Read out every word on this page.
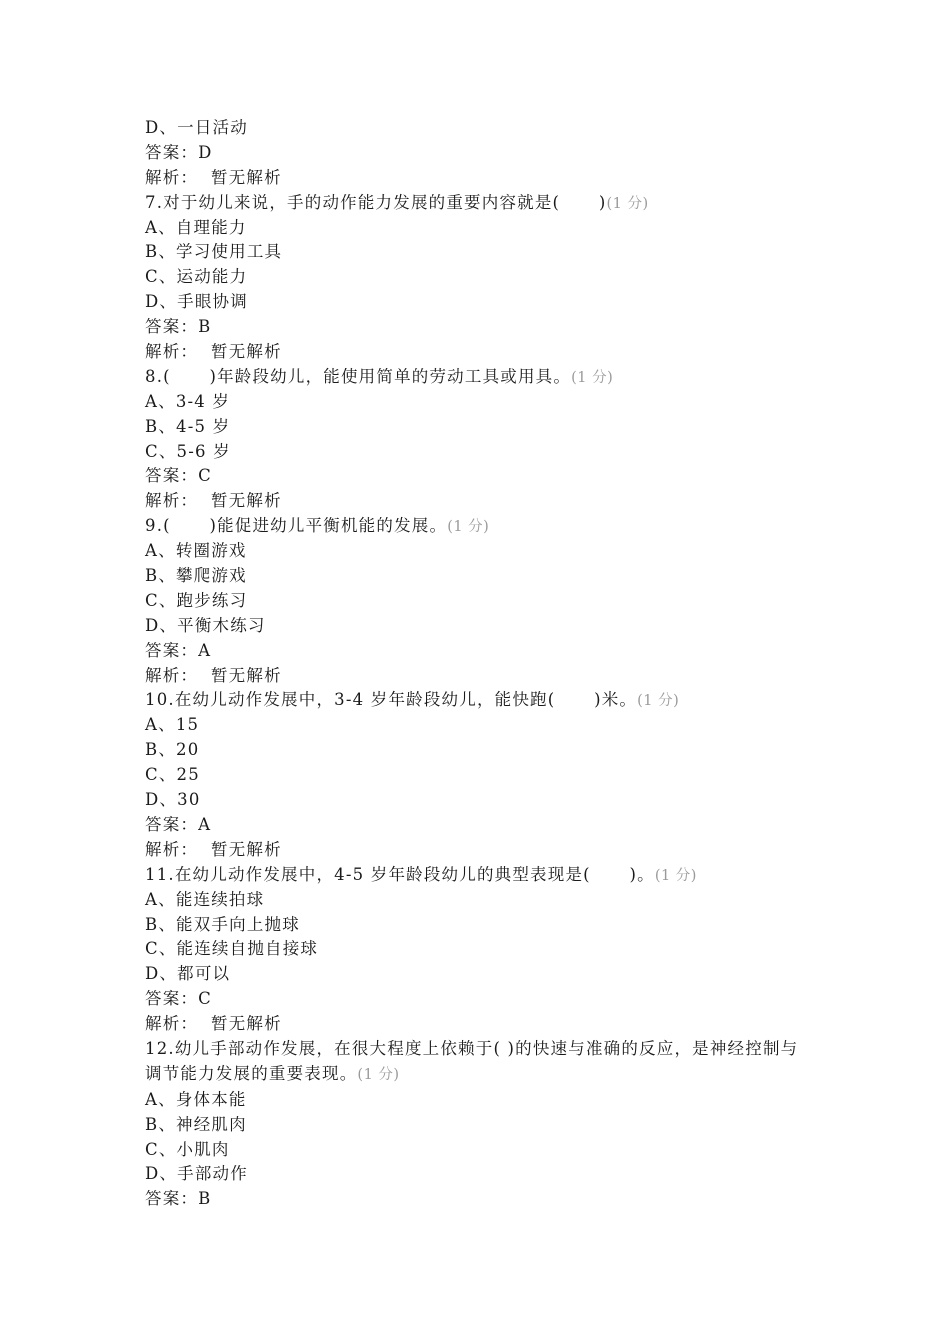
D、一日活动
答案：D
解析：  暂无解析
7.对于幼儿来说，手的动作能力发展的重要内容就是(      )(1 分)
A、自理能力
B、学习使用工具
C、运动能力
D、手眼协调
答案：B
解析：  暂无解析
8.(      )年龄段幼儿，能使用简单的劳动工具或用具。(1 分)
A、3-4 岁
B、4-5 岁
C、5-6 岁
答案：C
解析：  暂无解析
9.(      )能促进幼儿平衡机能的发展。(1 分)
A、转圈游戏
B、攀爬游戏
C、跑步练习
D、平衡木练习
答案：A
解析：  暂无解析
10.在幼儿动作发展中，3-4 岁年龄段幼儿，能快跑(      )米。(1 分)
A、15
B、20
C、25
D、30
答案：A
解析：  暂无解析
11.在幼儿动作发展中，4-5 岁年龄段幼儿的典型表现是(      )。(1 分)
A、能连续拍球
B、能双手向上抛球
C、能连续自抛自接球
D、都可以
答案：C
解析：  暂无解析
12.幼儿手部动作发展，在很大程度上依赖于( )的快速与准确的反应，是神经控制与调节能力发展的重要表现。(1 分)
A、身体本能
B、神经肌肉
C、小肌肉
D、手部动作
答案：B
